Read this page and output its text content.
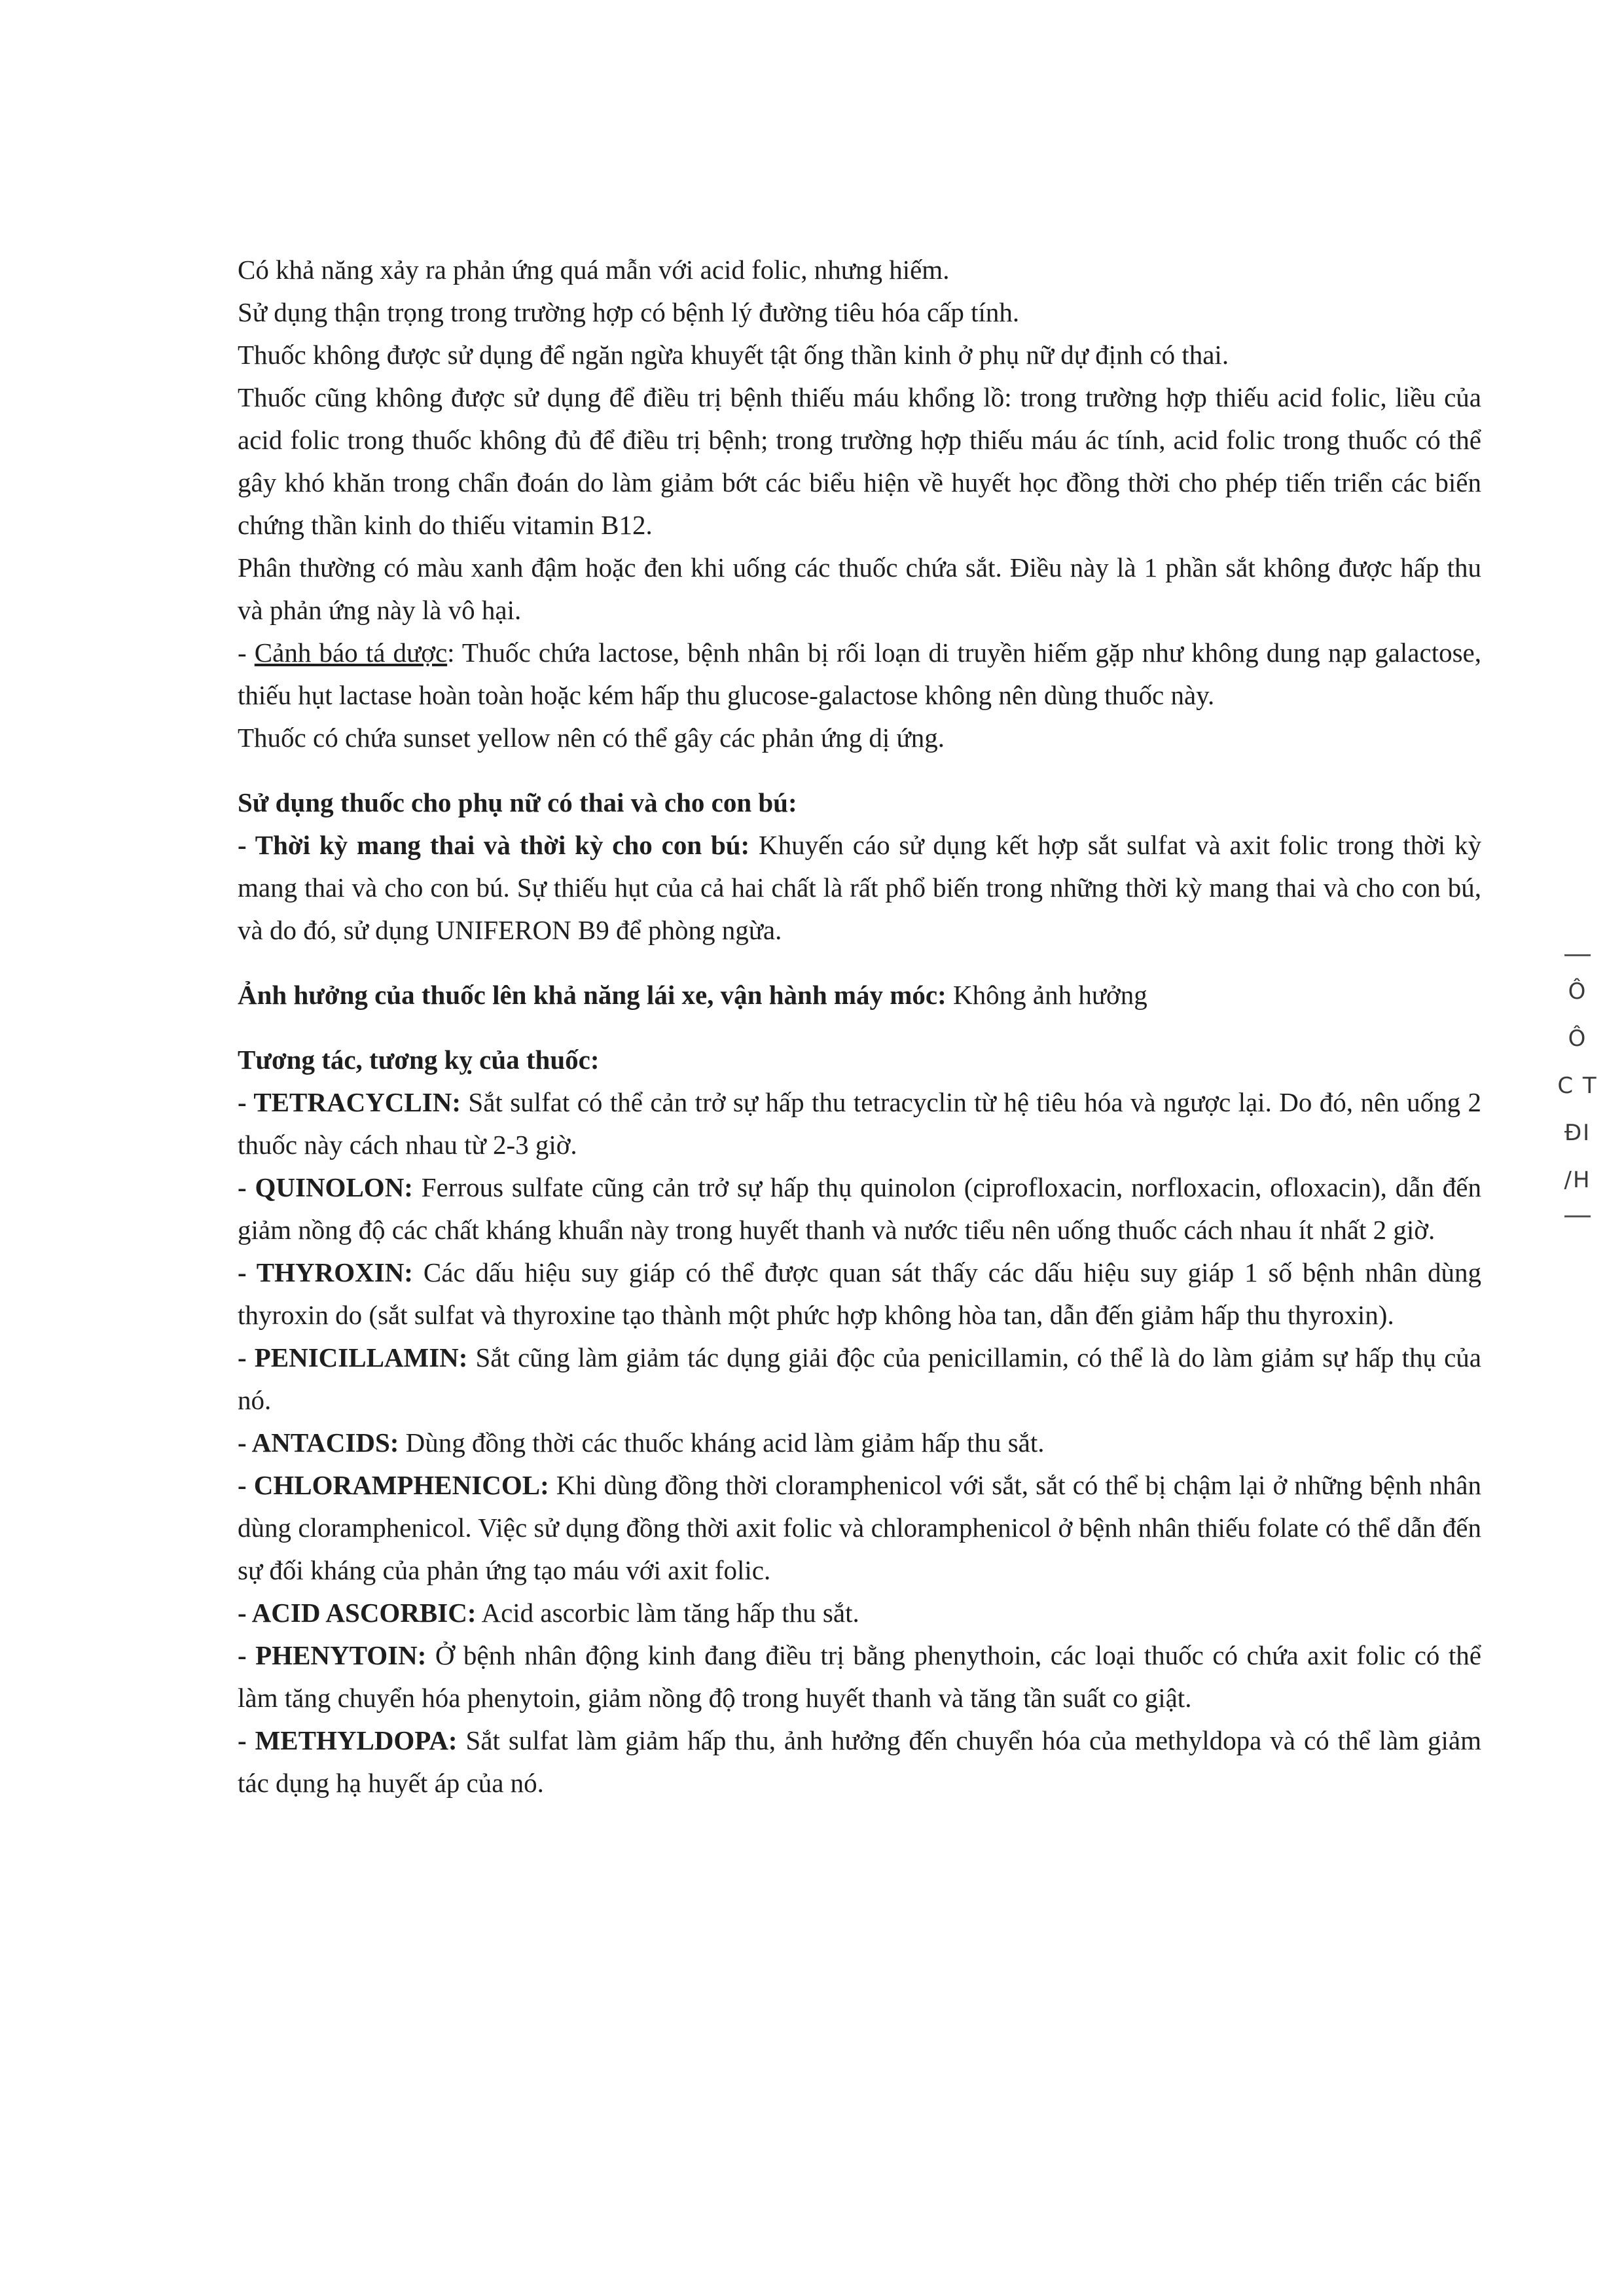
Có khả năng xảy ra phản ứng quá mẫn với acid folic, nhưng hiếm.

Sử dụng thận trọng trong trường hợp có bệnh lý đường tiêu hóa cấp tính.

Thuốc không được sử dụng để ngăn ngừa khuyết tật ống thần kinh ở phụ nữ dự định có thai.

Thuốc cũng không được sử dụng để điều trị bệnh thiếu máu khổng lồ: trong trường hợp thiếu acid folic, liều của acid folic trong thuốc không đủ để điều trị bệnh; trong trường hợp thiếu máu ác tính, acid folic trong thuốc có thể gây khó khăn trong chẩn đoán do làm giảm bớt các biểu hiện về huyết học đồng thời cho phép tiến triển các biến chứng thần kinh do thiếu vitamin B12.

Phân thường có màu xanh đậm hoặc đen khi uống các thuốc chứa sắt. Điều này là 1 phần sắt không được hấp thu và phản ứng này là vô hại.

- Cảnh báo tá dược: Thuốc chứa lactose, bệnh nhân bị rối loạn di truyền hiếm gặp như không dung nạp galactose, thiếu hụt lactase hoàn toàn hoặc kém hấp thu glucose-galactose không nên dùng thuốc này.

Thuốc có chứa sunset yellow nên có thể gây các phản ứng dị ứng.

Sử dụng thuốc cho phụ nữ có thai và cho con bú:

- Thời kỳ mang thai và thời kỳ cho con bú: Khuyến cáo sử dụng kết hợp sắt sulfat và axit folic trong thời kỳ mang thai và cho con bú. Sự thiếu hụt của cả hai chất là rất phổ biến trong những thời kỳ mang thai và cho con bú, và do đó, sử dụng UNIFERON B9 để phòng ngừa.

Ảnh hưởng của thuốc lên khả năng lái xe, vận hành máy móc: Không ảnh hưởng

Tương tác, tương kỵ của thuốc:

- TETRACYCLIN: Sắt sulfat có thể cản trở sự hấp thu tetracyclin từ hệ tiêu hóa và ngược lại. Do đó, nên uống 2 thuốc này cách nhau từ 2-3 giờ.

- QUINOLON: Ferrous sulfate cũng cản trở sự hấp thụ quinolon (ciprofloxacin, norfloxacin, ofloxacin), dẫn đến giảm nồng độ các chất kháng khuẩn này trong huyết thanh và nước tiểu nên uống thuốc cách nhau ít nhất 2 giờ.

- THYROXIN: Các dấu hiệu suy giáp có thể được quan sát thấy các dấu hiệu suy giáp 1 số bệnh nhân dùng thyroxin do (sắt sulfat và thyroxine tạo thành một phức hợp không hòa tan, dẫn đến giảm hấp thu thyroxin).

- PENICILLAMIN: Sắt cũng làm giảm tác dụng giải độc của penicillamin, có thể là do làm giảm sự hấp thụ của nó.

- ANTACIDS: Dùng đồng thời các thuốc kháng acid làm giảm hấp thu sắt.

- CHLORAMPHENICOL: Khi dùng đồng thời cloramphenicol với sắt, sắt có thể bị chậm lại ở những bệnh nhân dùng cloramphenicol. Việc sử dụng đồng thời axit folic và chloramphenicol ở bệnh nhân thiếu folate có thể dẫn đến sự đối kháng của phản ứng tạo máu với axit folic.

- ACID ASCORBIC: Acid ascorbic làm tăng hấp thu sắt.

- PHENYTOIN: Ở bệnh nhân động kinh đang điều trị bằng phenythoin, các loại thuốc có chứa axit folic có thể làm tăng chuyển hóa phenytoin, giảm nồng độ trong huyết thanh và tăng tần suất co giật.

- METHYLDOPA: Sắt sulfat làm giảm hấp thu, ảnh hưởng đến chuyển hóa của methyldopa và có thể làm giảm tác dụng hạ huyết áp của nó.

Ô
Ô
C T
ĐI
/H
